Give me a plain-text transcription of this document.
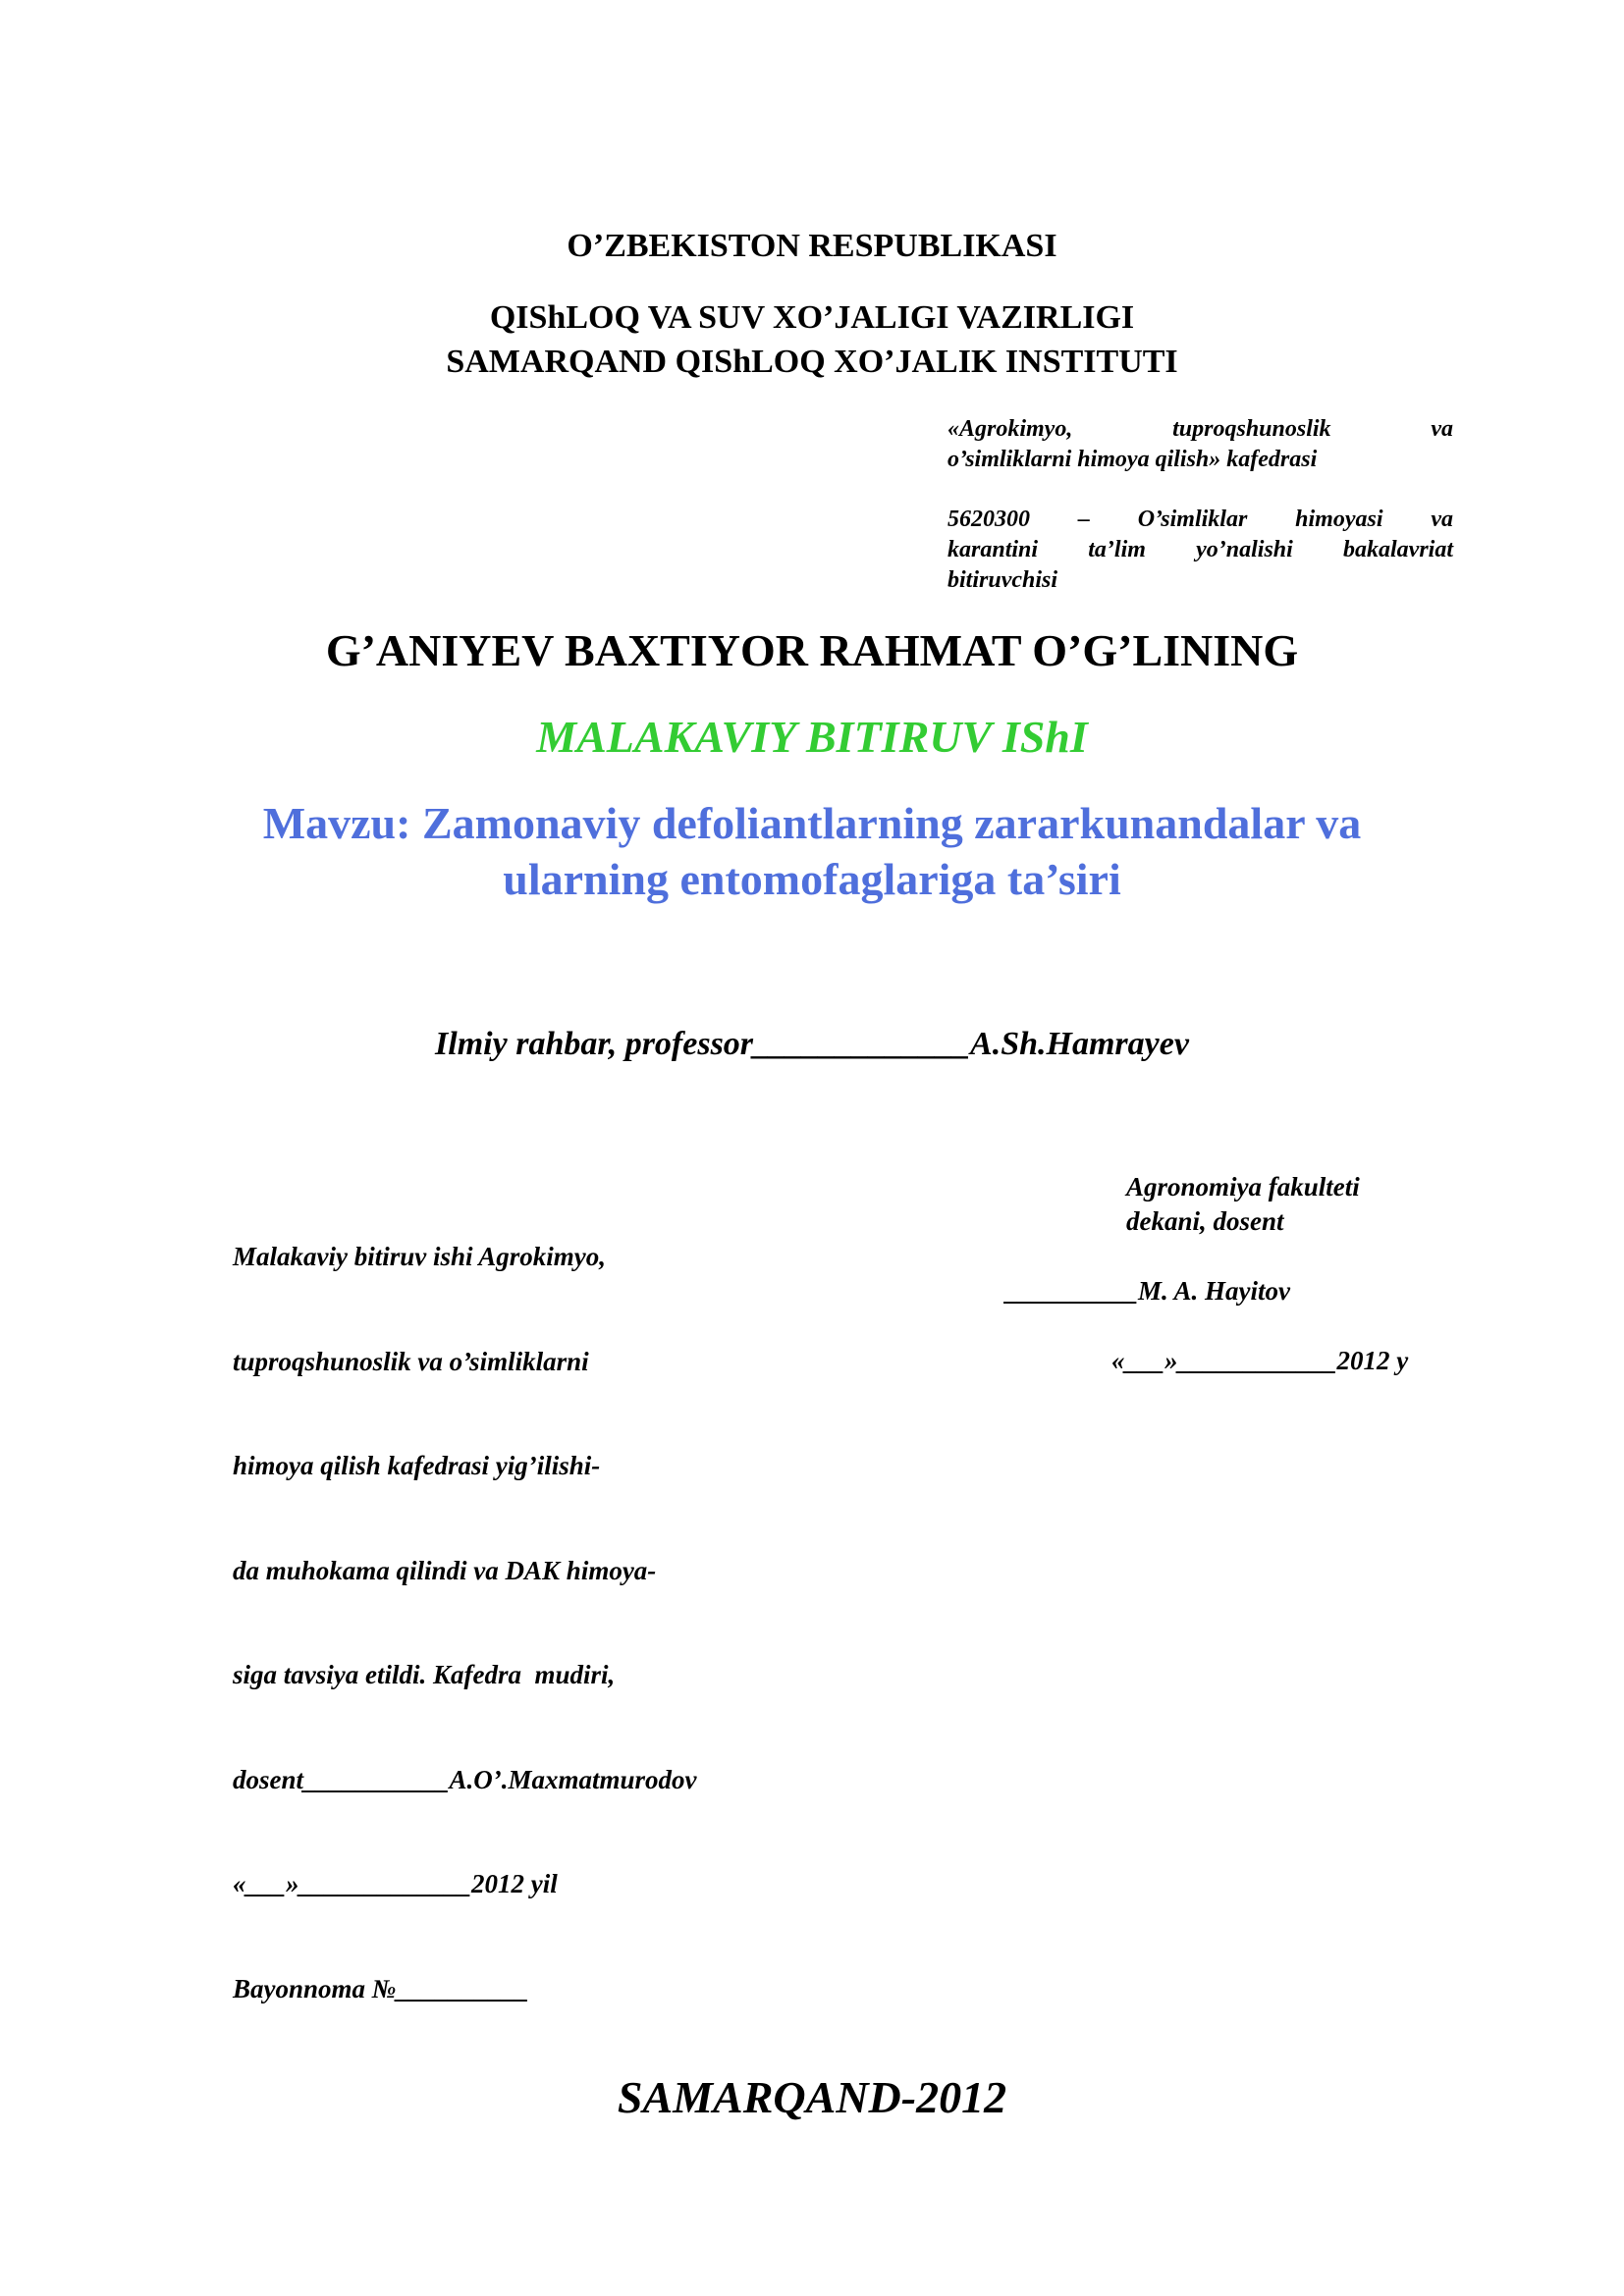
O’ZBEKISTON RESPUBLIKASI
QIShLOQ VA SUV XO’JALIGI VAZIRLIGI
SAMARQAND QIShLOQ XO’JALIK INSTITUTI
«Agrokimyo, tuproqshunoslik va
o’simliklarni himoya qilish» kafedrasi
5620300 – O’simliklar himoyasi va
karantini ta’lim yo’nalishi bakalavriat
bitiruvchisi
G’ANIYEV BAXTIYOR RAHMAT O’G’LINING
MALAKAVIY BITIRUV IShI
Mavzu: Zamonaviy defoliantlarning zararkunandalar va
ularning entomofaglariga ta’siri
Ilmiy rahbar, professor_____________A.Sh.Hamrayev

Malakaviy bitiruv ishi Agrokimyo,

tuproqshunoslik va o’simliklarni

himoya qilish kafedrasi yig’ilishi-

da muhokama qilindi va DAK himoya-

siga tavsiya etildi. Kafedra  mudiri,

dosent___________A.O’.Maxmatmurodov

«___»_____________2012 yil

Bayonnoma №__________

Agronomiya fakulteti
dekani, dosent
__________M. A. Hayitov
«___»____________2012 y
SAMARQAND-2012
